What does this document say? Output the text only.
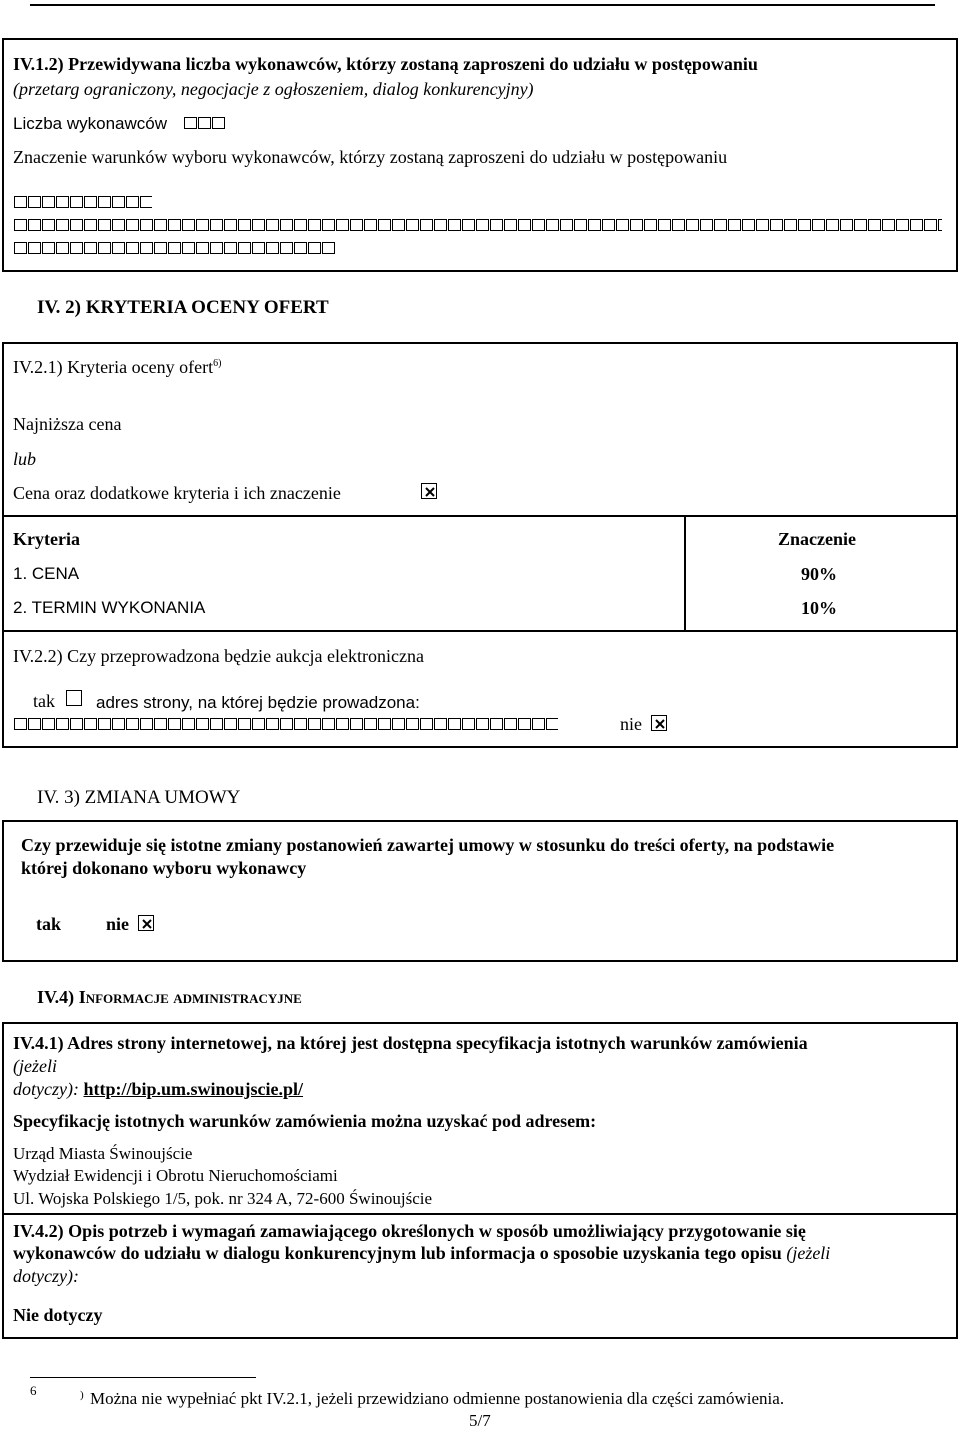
IV.1.2) Przewidywana liczba wykonawców, którzy zostaną zaproszeni do udziału w postępowaniu
(przetarg ograniczony, negocjacje z ogłoszeniem, dialog konkurencyjny)
Liczba wykonawców
Znaczenie warunków wyboru wykonawców, którzy zostaną zaproszeni do udziału w postępowaniu
IV. 2) KRYTERIA OCENY OFERT
IV.2.1) Kryteria oceny ofert$^{6)}$
Najniższa cena
lub
Cena oraz dodatkowe kryteria i ich znaczenie
Kryteria	Znaczenie
1. CENA	90%
2. TERMIN WYKONANIA	10%
IV.2.2) Czy przeprowadzona będzie aukcja elektroniczna
tak adres strony, na której będzie prowadzona:
nie
IV. 3) ZMIANA UMOWY
Czy przewiduje się istotne zmiany postanowień zawartej umowy w stosunku do treści oferty, na podstawie
której dokonano wyboru wykonawcy
tak nie
IV.4) Informacje administracyjne
IV.4.1) Adres strony internetowej, na której jest dostępna specyfikacja istotnych warunków zamówienia
(jeżeli
dotyczy): http://bip.um.swinoujscie.pl/
Specyfikację istotnych warunków zamówienia można uzyskać pod adresem:
Urząd Miasta Świnoujście
Wydział Ewidencji i Obrotu Nieruchomościami
Ul. Wojska Polskiego 1/5, pok. nr 324 A, 72-600 Świnoujście
IV.4.2) Opis potrzeb i wymagań zamawiającego określonych w sposób umożliwiający przygotowanie się
wykonawców do udziału w dialogu konkurencyjnym lub informacja o sposobie uzyskania tego opisu (jeżeli
dotyczy):
Nie dotyczy
6	) Można nie wypełniać pkt IV.2.1, jeżeli przewidziano odmienne postanowienia dla części zamówienia.
5/7
